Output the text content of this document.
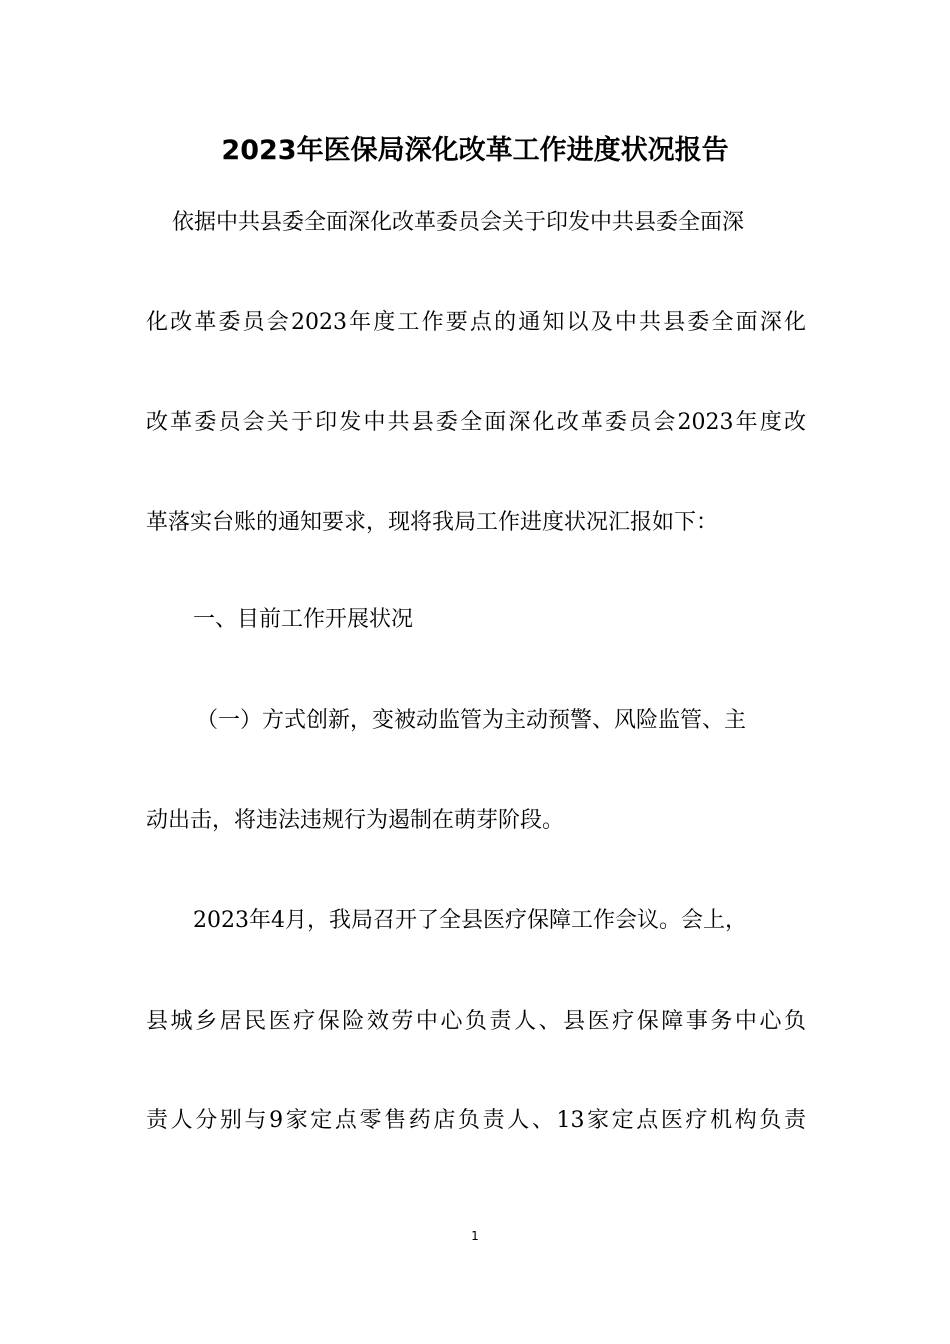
2023年医保局深化改革工作进度状况报告

依据中共县委全面深化改革委员会关于印发中共县委全面深

化改革委员会2023年度工作要点的通知以及中共县委全面深化

改革委员会关于印发中共县委全面深化改革委员会2023年度改

革落实台账的通知要求，现将我局工作进度状况汇报如下：

一、目前工作开展状况

（一）方式创新，变被动监管为主动预警、风险监管、主

动出击，将违法违规行为遏制在萌芽阶段。

2023年4月，我局召开了全县医疗保障工作会议。会上，

县城乡居民医疗保险效劳中心负责人、县医疗保障事务中心负

责人分别与9家定点零售药店负责人、13家定点医疗机构负责

1
